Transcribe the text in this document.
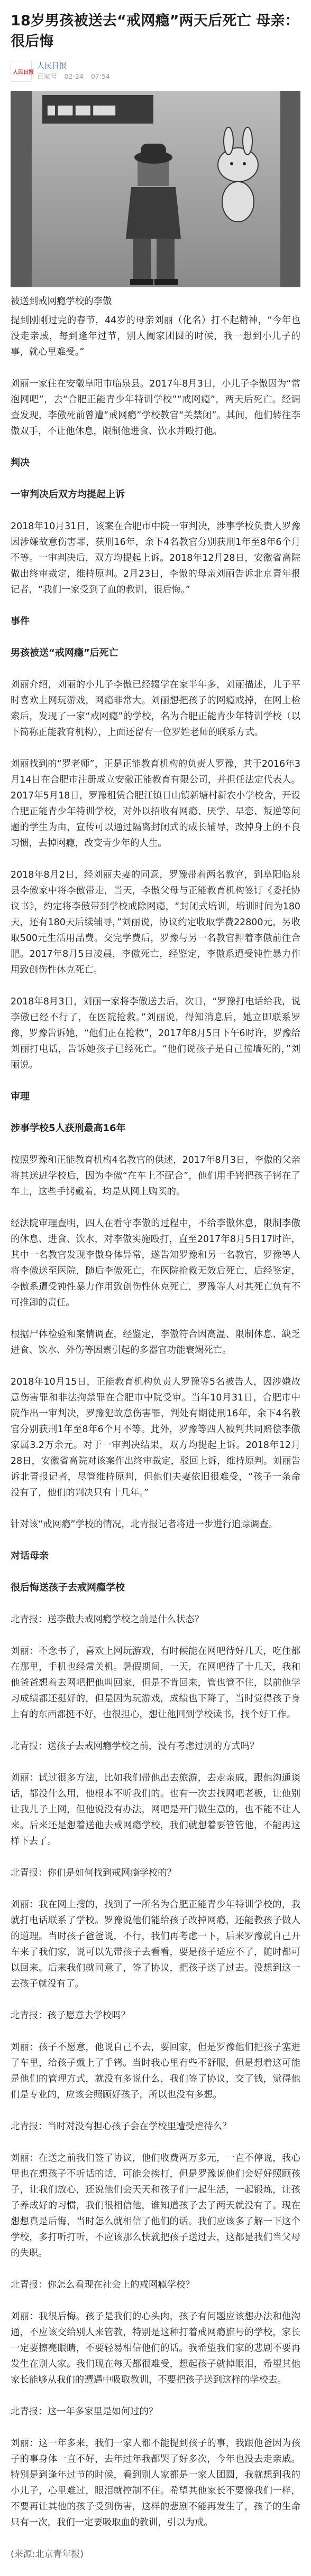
18岁男孩被送去“戒网瘾”两天后死亡 母亲：很后悔
人民日报
人民日报
百家号 02-24 07:54
▇ ▇▇ ▇▇ ▇▇▇

被送到戒网瘾学校的李傲

提到刚刚过完的春节，44岁的母亲刘丽（化名）打不起精神，“今年也没走亲戚，每到逢年过节，别人阖家团圆的时候，我一想到小儿子的事，就心里难受。”

刘丽一家住在安徽阜阳市临泉县。2017年8月3日，小儿子李傲因为“常泡网吧”，去“合肥正能青少年特训学校”“戒网瘾”，两天后死亡。经调查发现，李傲死前曾遭“戒网瘾”学校教官“关禁闭”。其间，他们转往李傲双手，不让他休息，限制他进食、饮水并殴打他。

判决
一审判决后双方均提起上诉

2018年10月31日，该案在合肥市中院一审判决，涉事学校负责人罗豫因涉嫌故意伤害罪，获刑16年，余下4名教官分别获刑1年至8年6个月不等。一审判决后，双方均提起上诉。2018年12月28日，安徽省高院做出终审裁定，维持原判。2月23日，李傲的母亲刘丽告诉北京青年报记者，“我们一家受到了血的教训，很后悔。”

事件
男孩被送“戒网瘾”后死亡

刘丽介绍，刘丽的小儿子李傲已经辍学在家半年多，刘丽描述，儿子平时喜欢上网玩游戏，网瘾非常大。刘丽想把孩子的网瘾戒掉，在网上检索后，发现了一家“戒网瘾”的学校，名为合肥正能青少年特训学校（以下简称正能教育机构），上面还留有一位罗姓老师的联系方式。

刘丽找到的“罗老师”，正是正能教育机构的负责人罗豫，其于2016年3月14日在合肥市注册成立安徽正能教育有限公司，并担任法定代表人。2017年5月18日，罗豫租赁合肥江镇日山镇新塘村新农小学校舍，开设合肥正能青少年特训学校，对外以招收有网瘾、厌学、早恋、叛逆等问题的学生为由，宣传可以通过隔离封闭式的成长辅导，改掉身上的不良习惯，去掉网瘾，改变青少年的人生。

2018年8月2日，经刘丽夫妻的同意，罗豫带着两名教官，到阜阳临泉县李傲家中将李傲带走，当天，李傲父母与正能教育机构签订《委托协议书》，约定将李傲带到学校戒除网瘾，“封闭式培训，培训时间为180天，还有180天后续辅导，”刘丽说，协议约定收取学费22800元，另收取500元生活用品费。交完学费后，罗豫与另一名教官押着李傲前往合肥。2017年8月5日凌晨，李傲死亡，经鉴定，李傲系遭受钝性暴力作用致创伤性休克死亡。

2018年8月3日，刘丽一家将李傲送去后，次日，“罗豫打电话给我，说李傲已经不行了，在医院抢救。”刘丽说，得知消息后，她立即联系罗豫，罗豫告诉她，“他们正在抢救”，2017年8月5日下午6时许，罗豫给刘丽打电话，告诉她孩子已经死亡。“他们说孩子是自己撞墙死的，”刘丽说。

审理
涉事学校5人获刑最高16年

按照罗豫和正能教育机构4名教官的供述，2017年8月3日，李傲的父亲将其送进学校后，因为李傲“在车上不配合”，他们用手铐把孩子铐在了车上，这些手铐戴着，均是从网上购买的。

经法院审理查明，四人在看守李傲的过程中，不给李傲休息，限制李傲的休息、进食、饮水，对李傲实施殴打，直至2017年8月5日17时许，其中一名教官发现李傲身体异常，遂告知罗豫和另一名教官，罗豫等人将李傲送至医院，随后李傲死亡，在医院抢救无效后死亡，后经鉴定，李傲系遭受钝性暴力作用致创伤性休克死亡，罗豫等人对其死亡负有不可推卸的责任。

根据尸体检验和案情调查，经鉴定，李傲符合因高温、限制休息、缺乏进食、饮水、外伤等因素引起的多器官功能衰竭死亡。

2018年10月15日，正能教育机构负责人罗豫等5名被告人，因涉嫌故意伤害罪和非法拘禁罪在合肥市中院受审。当年10月31日，合肥市中院作出一审判决，罗豫犯故意伤害罪，判处有期徒刑16年，余下4名教官分别获刑1年至8年6个月不等。此外，罗豫等四人被判共同赔偿李傲家属3.2万余元。对于一审判决结果，双方均提起上诉。2018年12月28日，安徽省高院对该案作出终审裁定，驳回上诉，维持原判。刘丽告诉北青报记者，尽管维持原判，但他们夫妻依旧很难受，“孩子一条命没有了，他们的判决只有十几年。”

针对该“戒网瘾”学校的情况，北青报记者将进一步进行追踪调查。

对话母亲
很后悔送孩子去戒网瘾学校

北青报：送李傲去戒网瘾学校之前是什么状态？

刘丽：不念书了，喜欢上网玩游戏，有时候能在网吧待好几天，吃住都在那里，手机也经常关机。暑假期间，一天，在网吧待了十几天，我和他爸爸想着去网吧把他叫回家，但是不肯回来，管也管不住，以前他学习成绩都还挺好的，但是因为玩游戏，成绩也下降了，当时觉得孩子身上有的东西都挺不好，也很担心，想让他回到学校读书，找个好工作。

北青报：送孩子去戒网瘾学校之前，没有考虑过别的方式吗？

刘丽：试过很多方法，比如我们带他出去旅游，去走亲戚，跟他沟通谈话，都没什么用，他根本不听我们的。也有一次去找网吧老板，让他别让我儿子上网，但他说没有办法，网吧是开门做生意的，也不能不让人来。后来还是想着送他去戒网瘾学校，我们就想着要管管他，不能再这样下去了。

北青报：你们是如何找到戒网瘾学校的？

刘丽：我在网上搜的，找到了一所名为合肥正能青少年特训学校的，我就打电话联系了学校。罗豫说他们能给孩子改掉网瘾，还能教孩子做人的道理。当时孩子爸爸说，不行，我们再考虑一下，后来罗豫就自己开车来了我们家，说可以先带孩子去看看，要是孩子适应不了，随时都可以回来。后来我们就同意了，签了协议，把孩子送了过去。没想到这一去孩子就没有了。

北青报：孩子愿意去学校吗？

刘丽：孩子不愿意，他说自己不去，要回家，但是罗豫他们把孩子塞进了车里，给孩子戴上了手铐。当时我心里有些不舒服，但是想着这可能是他们的管理方式，就没有多说什么，我们签了协议，交了钱，觉得他们是专业的，应该会照顾好孩子，所以也没有多想。

北青报：当时对没有担心孩子会在学校里遭受虐待么？

刘丽：在送之前我们签了协议，他们收费两万多元，一直不停说，我心里也在想孩子不听话的话，可能会挨打，但是罗豫说他们会好好照顾孩子，让我们放心，还说他们会天天和孩子们一起生活，一起锻炼，让孩子养成好的习惯，我们很相信他，谁知道孩子去了两天就没有了。现在想想真是后悔，当时怎么就相信了他们的话。我们应该多了解一下这个学校，多打听打听，不应该那么快就把孩子送过去，这都是我们当父母的失职。

北青报：你怎么看现在社会上的戒网瘾学校？

刘丽：我很后悔。孩子是我们的心头肉，孩子有问题应该想办法和他沟通，不应该交给别人来管教，特别是这种打着戒网瘾旗号的学校，家长一定要擦亮眼睛，不要轻易相信他们的话。我希望我们家的悲剧不要再发生在别人家。我们现在每天都很难受，想起孩子就掉眼泪，希望其他家长能够从我们的遭遇中吸取教训，不要把孩子送到这样的学校去。

北青报：这一年多家里是如何过的？

刘丽：这一年多来，我们一家人都不能提到孩子的事，我跟他爸因为孩子的事身体一直不好，去年过年我都哭了好多次，今年也没去走亲戚。特别是到逢年过节的时候，看到别人家都是一家人团圆，我就想到我的小儿子，心里难过，眼泪就控制不住。希望其他家长不要像我们一样，不要再让其他的孩子受到伤害，这样的悲剧不能再发生了，孩子的生命只有一次，我们一定要吸取血的教训，引以为戒。

(来源:北京青年报)
